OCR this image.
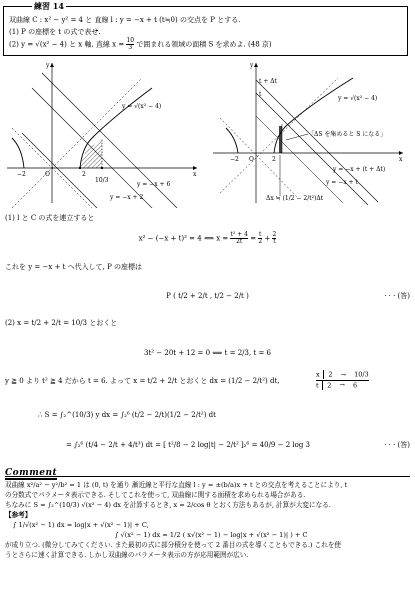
練習 14
双曲線 C : x² − y² = 4 と 直線 l : y = −x + t (t≒0) の交点を P とする.
(1) P の座標を t の式で表せ.
(2) y = √(x² − 4) と x 軸, 直線 $x = \frac{10}{3}$ で囲まれる領域の面積 S を求めよ. (48 京)
y
x
O	2
10/3
−2
y = √(x² − 4)
y = −x + 6
y = −x + 2
y
x
O
t + Δt
t
−2	2
y = √(x² − 4)
「ΔS を集めると S になる」
y = −x + (t + Δt)
y = −x + t
Δx ≒ (1/2 − 2/t²)Δt
(1) l と C の式を連立すると
x² − (−x + t)² = 4 ⟺ $x = \frac{\text{t² + 4}}{2t} = \frac{t}{2} + \frac{2}{t}$
これを y = −x + t へ代入して, P の座標は
P ( t/2 + 2/t , t/2 − 2/t )	· · · (答)
(2) x = t/2 + 2/t = 10/3 とおくと
3t² − 20t + 12 = 0 ⟺ t = 2/3, t = 6
y ≧ 0 より t² ≧ 4 だから t = 6. よって x = t/2 + 2/t とおくと dx = (1/2 − 2/t²) dt,
x 2 → 10/3
t 2 → 6
∴ S = ∫₂^(10/3) y dx = ∫₂⁶ (t/2 − 2/t)(1/2 − 2/t²) dt
= ∫₂⁶ (t/4 − 2/t + 4/t³) dt = [ t²/8 − 2 log|t| − 2/t² ]₂⁶ = 40/9 − 2 log 3	· · · (答)
Comment
双曲線 x²/a² − y²/b² = 1 は (0, t) を通り 漸近線と平行な直線 l : y = ±(b/a)x + t との交点を考えることにより, t
の分数式でパラメータ表示できる. そしてこれを使って, 双曲線に関する面積を求められる場合がある.
ちなみに S = ∫₂^(10/3) √(x² − 4) dx を計算するとき, x = 2/cos θ とおく方法もあるが, 計算が大変になる.
【参考】
∫ 1/√(x² − 1) dx = log|x + √(x² − 1)| + C,
∫ √(x² − 1) dx = 1/2 ( x√(x² − 1) − log|x + √(x² − 1)| ) + C
が成り立つ. (微分してみてください. また最初の式に部分積分を使って 2 番目の式を導くこともできる.) これを使
うとさらに速く計算できる. しかし双曲線のパラメータ表示の方が応用範囲が広い.
